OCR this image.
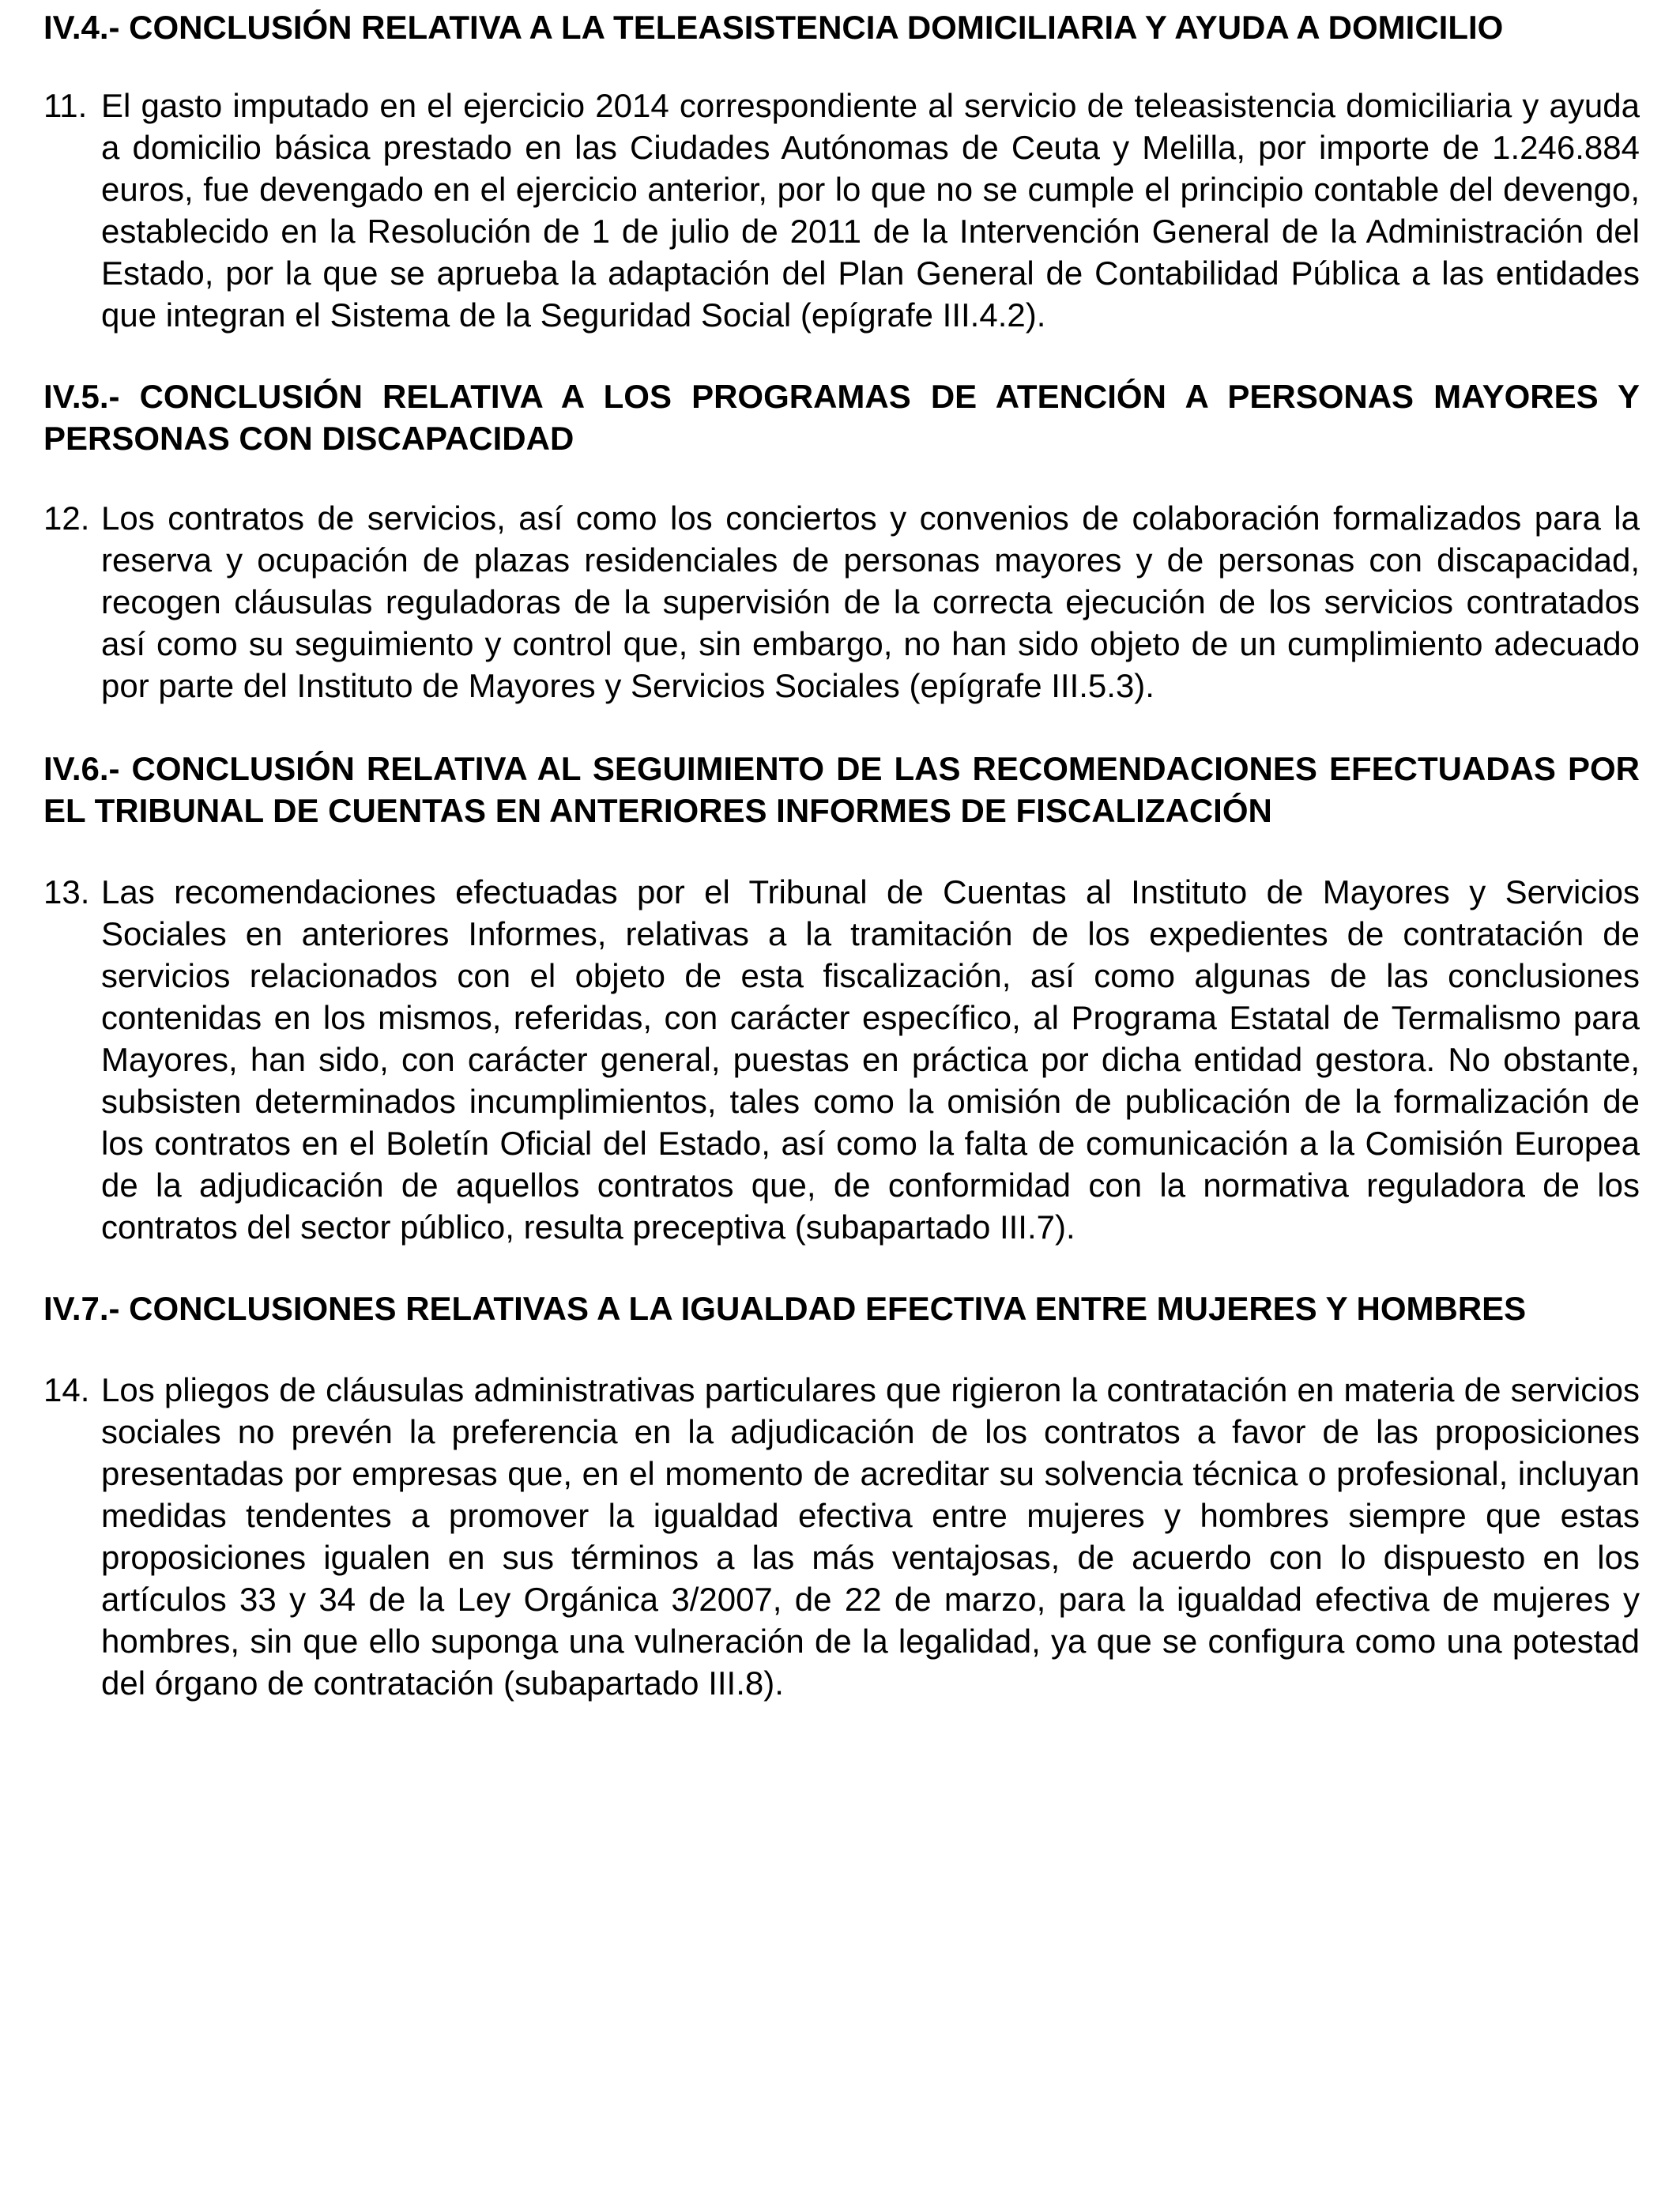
IV.4.- CONCLUSIÓN RELATIVA A LA TELEASISTENCIA DOMICILIARIA Y AYUDA A DOMICILIO
11. El gasto imputado en el ejercicio 2014 correspondiente al servicio de teleasistencia domiciliaria y ayuda a domicilio básica prestado en las Ciudades Autónomas de Ceuta y Melilla, por importe de 1.246.884 euros, fue devengado en el ejercicio anterior, por lo que no se cumple el principio contable del devengo, establecido en la Resolución de 1 de julio de 2011 de la Intervención General de la Administración del Estado, por la que se aprueba la adaptación del Plan General de Contabilidad Pública a las entidades que integran el Sistema de la Seguridad Social (epígrafe III.4.2).
IV.5.- CONCLUSIÓN RELATIVA A LOS PROGRAMAS DE ATENCIÓN A PERSONAS MAYORES Y PERSONAS CON DISCAPACIDAD
12. Los contratos de servicios, así como los conciertos y convenios de colaboración formalizados para la reserva y ocupación de plazas residenciales de personas mayores y de personas con discapacidad, recogen cláusulas reguladoras de la supervisión de la correcta ejecución de los servicios contratados así como su seguimiento y control que, sin embargo, no han sido objeto de un cumplimiento adecuado por parte del Instituto de Mayores y Servicios Sociales (epígrafe III.5.3).
IV.6.- CONCLUSIÓN RELATIVA AL SEGUIMIENTO DE LAS RECOMENDACIONES EFECTUADAS POR EL TRIBUNAL DE CUENTAS EN ANTERIORES INFORMES DE FISCALIZACIÓN
13. Las recomendaciones efectuadas por el Tribunal de Cuentas al Instituto de Mayores y Servicios Sociales en anteriores Informes, relativas a la tramitación de los expedientes de contratación de servicios relacionados con el objeto de esta fiscalización, así como algunas de las conclusiones contenidas en los mismos, referidas, con carácter específico, al Programa Estatal de Termalismo para Mayores, han sido, con carácter general, puestas en práctica por dicha entidad gestora. No obstante, subsisten determinados incumplimientos, tales como la omisión de publicación de la formalización de los contratos en el Boletín Oficial del Estado, así como la falta de comunicación a la Comisión Europea de la adjudicación de aquellos contratos que, de conformidad con la normativa reguladora de los contratos del sector público, resulta preceptiva (subapartado III.7).
IV.7.- CONCLUSIONES RELATIVAS A LA IGUALDAD EFECTIVA ENTRE MUJERES Y HOMBRES
14. Los pliegos de cláusulas administrativas particulares que rigieron la contratación en materia de servicios sociales no prevén la preferencia en la adjudicación de los contratos a favor de las proposiciones presentadas por empresas que, en el momento de acreditar su solvencia técnica o profesional, incluyan medidas tendentes a promover la igualdad efectiva entre mujeres y hombres siempre que estas proposiciones igualen en sus términos a las más ventajosas, de acuerdo con lo dispuesto en los artículos 33 y 34 de la Ley Orgánica 3/2007, de 22 de marzo, para la igualdad efectiva de mujeres y hombres, sin que ello suponga una vulneración de la legalidad, ya que se configura como una potestad del órgano de contratación (subapartado III.8).
